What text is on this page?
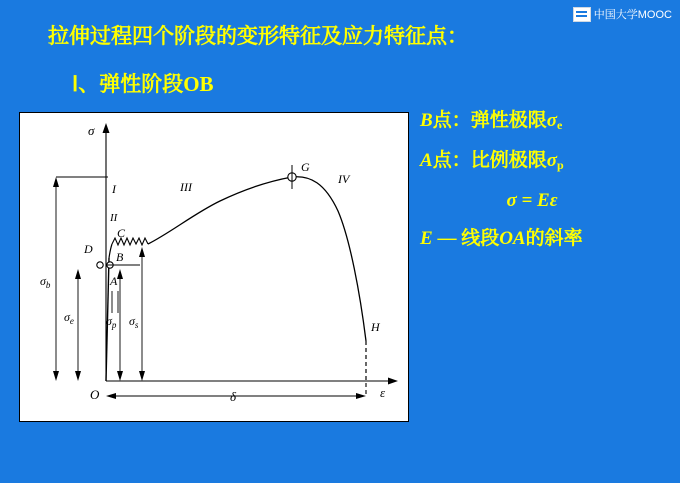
中国大学MOOC
拉伸过程四个阶段的变形特征及应力特征点：
Ⅰ、弹性阶段OB
σ
ε
O
I
II
III
IV
G
H
D
B
A
C
$\sigma_b$
$\sigma_e$	$\sigma_p$ $\sigma_s$
δ
B点：弹性极限$\sigma_e$
A点：比例极限$\sigma_p$
σ = Eε
E — 线段OA的斜率
